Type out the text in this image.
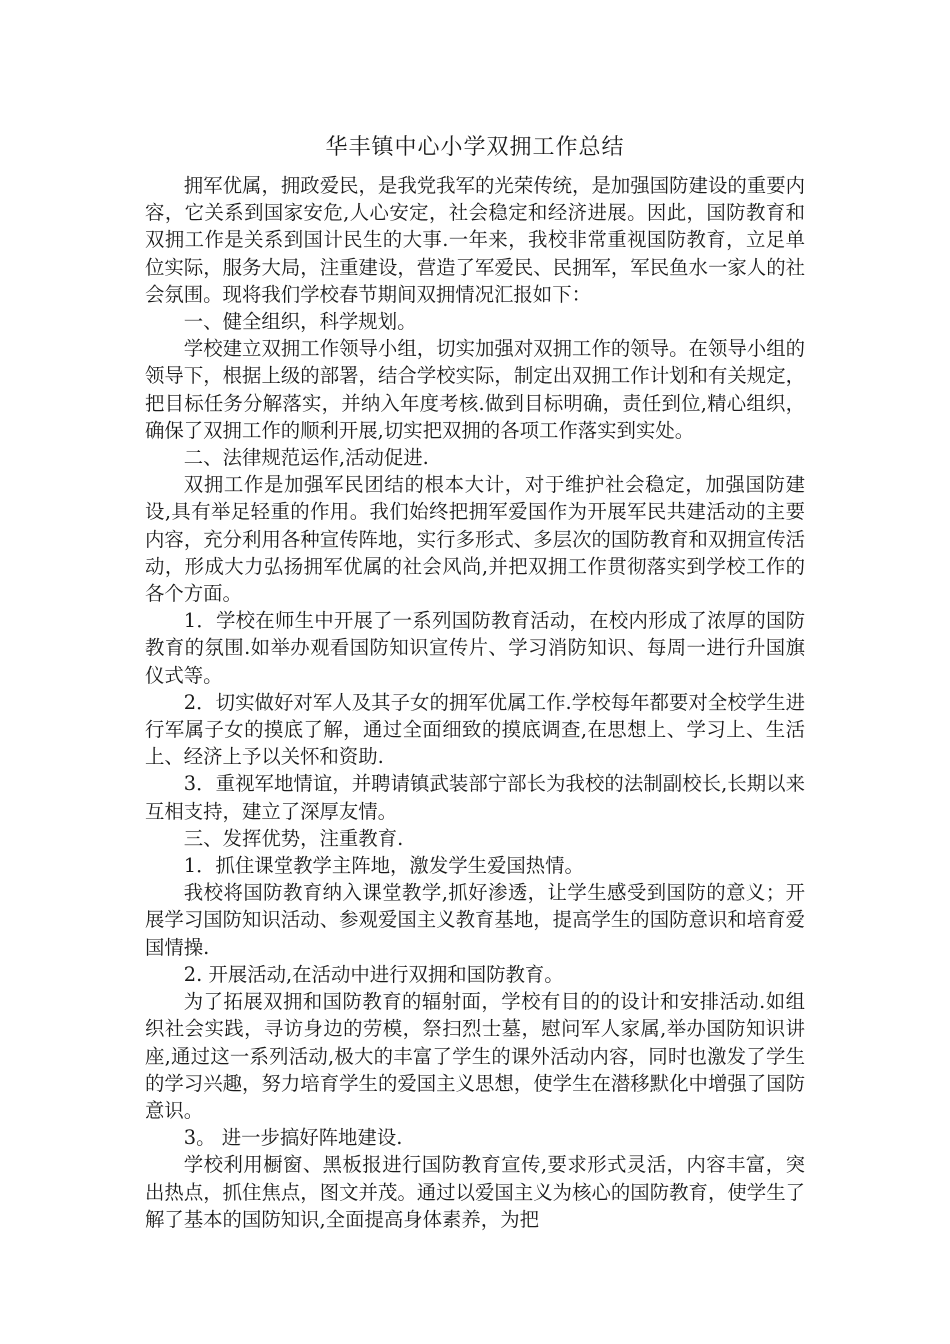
华丰镇中心小学双拥工作总结

拥军优属，拥政爱民，是我党我军的光荣传统，是加强国防建设的重要内容，它关系到国家安危,人心安定，社会稳定和经济进展。因此，国防教育和双拥工作是关系到国计民生的大事.一年来，我校非常重视国防教育，立足单位实际，服务大局，注重建设，营造了军爱民、民拥军，军民鱼水一家人的社会氛围。现将我们学校春节期间双拥情况汇报如下：

一、健全组织，科学规划。

学校建立双拥工作领导小组，切实加强对双拥工作的领导。在领导小组的领导下，根据上级的部署，结合学校实际，制定出双拥工作计划和有关规定，把目标任务分解落实，并纳入年度考核.做到目标明确，责任到位,精心组织，确保了双拥工作的顺利开展,切实把双拥的各项工作落实到实处。

二、法律规范运作,活动促进.

双拥工作是加强军民团结的根本大计，对于维护社会稳定，加强国防建设,具有举足轻重的作用。我们始终把拥军爱国作为开展军民共建活动的主要内容，充分利用各种宣传阵地，实行多形式、多层次的国防教育和双拥宣传活动，形成大力弘扬拥军优属的社会风尚,并把双拥工作贯彻落实到学校工作的各个方面。

1．学校在师生中开展了一系列国防教育活动，在校内形成了浓厚的国防教育的氛围.如举办观看国防知识宣传片、学习消防知识、每周一进行升国旗仪式等。

2．切实做好对军人及其子女的拥军优属工作.学校每年都要对全校学生进行军属子女的摸底了解，通过全面细致的摸底调查,在思想上、学习上、生活上、经济上予以关怀和资助.

3．重视军地情谊，并聘请镇武装部宁部长为我校的法制副校长,长期以来互相支持，建立了深厚友情。

三、发挥优势，注重教育.

1．抓住课堂教学主阵地，激发学生爱国热情。

我校将国防教育纳入课堂教学,抓好渗透，让学生感受到国防的意义；开展学习国防知识活动、参观爱国主义教育基地，提高学生的国防意识和培育爱国情操.

2. 开展活动,在活动中进行双拥和国防教育。

为了拓展双拥和国防教育的辐射面，学校有目的的设计和安排活动.如组织社会实践，寻访身边的劳模，祭扫烈士墓，慰问军人家属,举办国防知识讲座,通过这一系列活动,极大的丰富了学生的课外活动内容，同时也激发了学生的学习兴趣，努力培育学生的爱国主义思想，使学生在潜移默化中增强了国防意识。

3。 进一步搞好阵地建设.

学校利用橱窗、黑板报进行国防教育宣传,要求形式灵活，内容丰富，突出热点，抓住焦点，图文并茂。通过以爱国主义为核心的国防教育，使学生了解了基本的国防知识,全面提高身体素养，为把
